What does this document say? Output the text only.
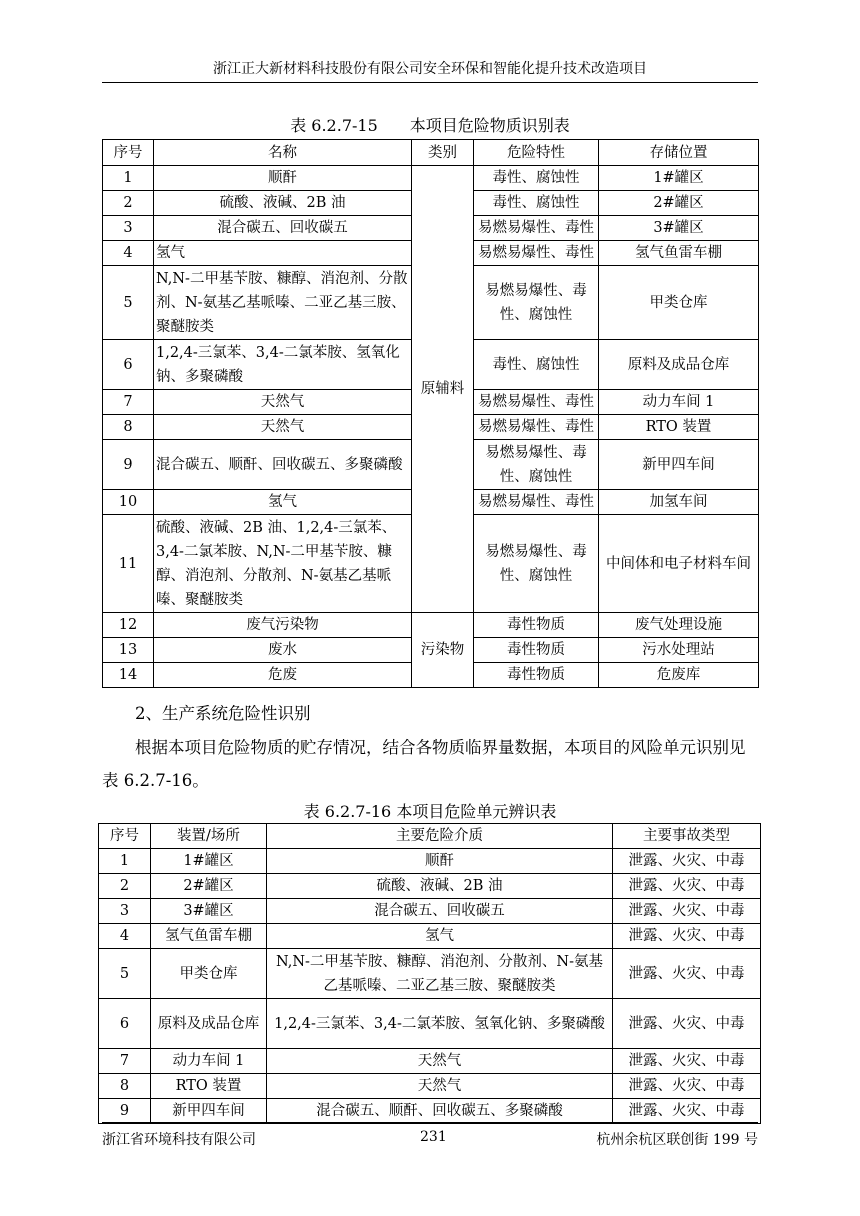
浙江正大新材料科技股份有限公司安全环保和智能化提升技术改造项目
表 6.2.7-15　　本项目危险物质识别表
序号	名称	类别	危险特性	存储位置
1	顺酐	原辅料	毒性、腐蚀性	1#罐区
2	硫酸、液碱、2B 油		毒性、腐蚀性	2#罐区
3	混合碳五、回收碳五		易燃易爆性、毒性	3#罐区
4	氢气		易燃易爆性、毒性	氢气鱼雷车棚
5	N,N-二甲基苄胺、糠醇、消泡剂、分散剂、N-氨基乙基哌嗪、二亚乙基三胺、聚醚胺类		易燃易爆性、毒性、腐蚀性	甲类仓库
6	1,2,4-三氯苯、3,4-二氯苯胺、氢氧化钠、多聚磷酸		毒性、腐蚀性	原料及成品仓库
7	天然气		易燃易爆性、毒性	动力车间 1
8	天然气		易燃易爆性、毒性	RTO 装置
9	混合碳五、顺酐、回收碳五、多聚磷酸		易燃易爆性、毒性、腐蚀性	新甲四车间
10	氢气		易燃易爆性、毒性	加氢车间
11	硫酸、液碱、2B 油、1,2,4-三氯苯、3,4-二氯苯胺、N,N-二甲基苄胺、糠醇、消泡剂、分散剂、N-氨基乙基哌嗪、聚醚胺类		易燃易爆性、毒性、腐蚀性	中间体和电子材料车间
12	废气污染物	污染物	毒性物质	废气处理设施
13	废水		毒性物质	污水处理站
14	危废		毒性物质	危废库
2、生产系统危险性识别
根据本项目危险物质的贮存情况，结合各物质临界量数据，本项目的风险单元识别见表 6.2.7-16。
表 6.2.7-16 本项目危险单元辨识表
序号	装置/场所	主要危险介质	主要事故类型
1	1#罐区	顺酐	泄露、火灾、中毒
2	2#罐区	硫酸、液碱、2B 油	泄露、火灾、中毒
3	3#罐区	混合碳五、回收碳五	泄露、火灾、中毒
4	氢气鱼雷车棚	氢气	泄露、火灾、中毒
5	甲类仓库	N,N-二甲基苄胺、糠醇、消泡剂、分散剂、N-氨基乙基哌嗪、二亚乙基三胺、聚醚胺类	泄露、火灾、中毒
6	原料及成品仓库	1,2,4-三氯苯、3,4-二氯苯胺、氢氧化钠、多聚磷酸	泄露、火灾、中毒
7	动力车间 1	天然气	泄露、火灾、中毒
8	RTO 装置	天然气	泄露、火灾、中毒
9	新甲四车间	混合碳五、顺酐、回收碳五、多聚磷酸	泄露、火灾、中毒
浙江省环境科技有限公司	231	杭州余杭区联创街 199 号
